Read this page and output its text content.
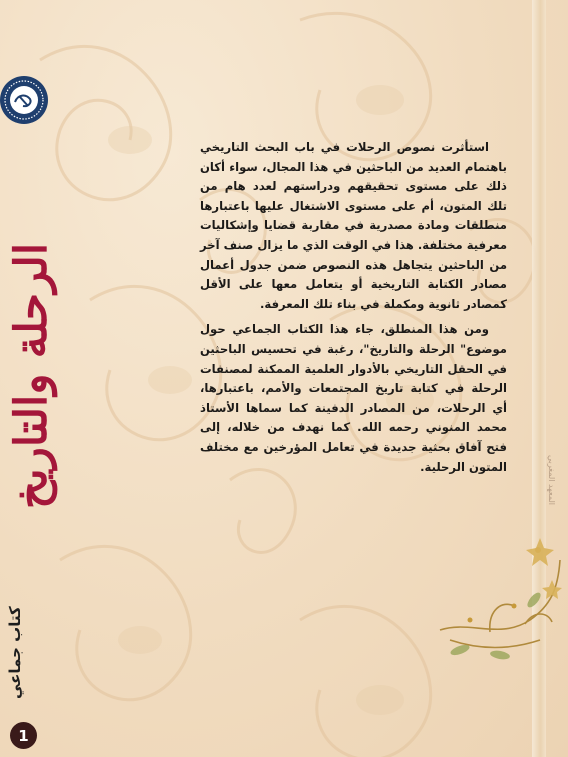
المعهد المغربي
الرحلة والتاريخ
كتاب جماعي
1

استأثرت نصوص الرحلات في باب البحث التاريخي باهتمام العديد من الباحثين في هذا المجال، سواء أكان ذلك على مستوى تحقيقهم ودراستهم لعدد هام من تلك المتون، أم على مستوى الاشتغال عليها باعتبارها منطلقات ومادة مصدرية في مقاربة قضايا وإشكاليات معرفية مختلفة. هذا في الوقت الذي ما يزال صنف آخر من الباحثين يتجاهل هذه النصوص ضمن جدول أعمال مصادر الكتابة التاريخية أو يتعامل معها على الأقل كمصادر ثانوية ومكملة في بناء تلك المعرفة.

ومن هذا المنطلق، جاء هذا الكتاب الجماعي حول موضوع" الرحلة والتاريخ"، رغبة في تحسيس الباحثين في الحقل التاريخي بالأدوار العلمية الممكنة لمصنفات الرحلة في كتابة تاريخ المجتمعات والأمم، باعتبارها، أي الرحلات، من المصادر الدفينة كما سماها الأستاذ محمد المنوني رحمه الله. كما نهدف من خلاله، إلى فتح آفاق بحثية جديدة في تعامل المؤرخين مع مختلف المتون الرحلية.
